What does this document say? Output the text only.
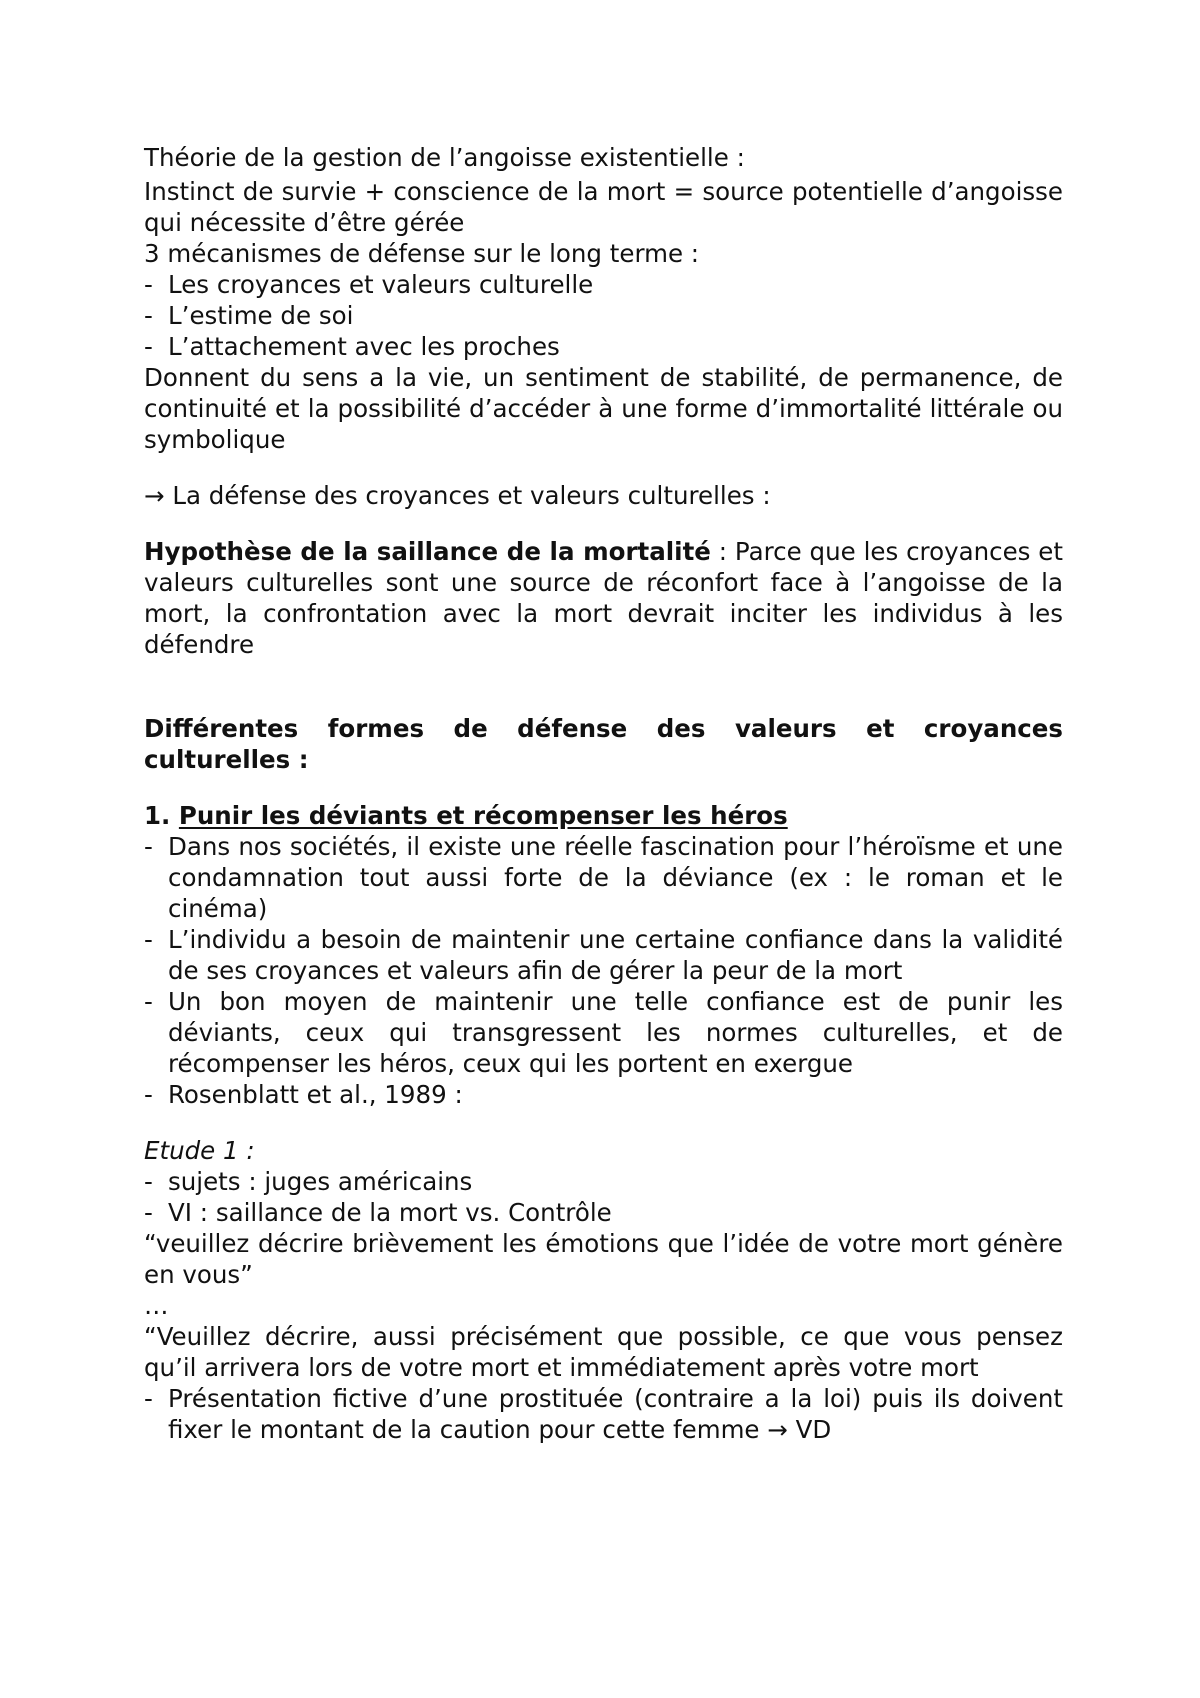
Théorie de la gestion de l’angoisse existentielle :

Instinct de survie + conscience de la mort = source potentielle d’angoisse qui nécessite d’être gérée

3 mécanismes de défense sur le long terme :

- Les croyances et valeurs culturelle
- L’estime de soi
- L’attachement avec les proches

Donnent du sens a la vie, un sentiment de stabilité, de permanence, de continuité et la possibilité d’accéder à une forme d’immortalité littérale ou symbolique

→ La défense des croyances et valeurs culturelles :

Hypothèse de la saillance de la mortalité : Parce que les croyances et valeurs culturelles sont une source de réconfort face à l’angoisse de la mort, la confrontation avec la mort devrait inciter les individus à les défendre

Différentes formes de défense des valeurs et croyances culturelles :

1. Punir les déviants et récompenser les héros

- Dans nos sociétés, il existe une réelle fascination pour l’héroïsme et une condamnation tout aussi forte de la déviance (ex : le roman et le cinéma)
- L’individu a besoin de maintenir une certaine confiance dans la validité de ses croyances et valeurs afin de gérer la peur de la mort
- Un bon moyen de maintenir une telle confiance est de punir les déviants, ceux qui transgressent les normes culturelles, et de récompenser les héros, ceux qui les portent en exergue
- Rosenblatt et al., 1989 :

Etude 1 :

- sujets : juges américains
- VI : saillance de la mort vs. Contrôle

“veuillez décrire brièvement les émotions que l’idée de votre mort génère en vous”

…

“Veuillez décrire, aussi précisément que possible, ce que vous pensez qu’il arrivera lors de votre mort et immédiatement après votre mort

- Présentation fictive d’une prostituée (contraire a la loi) puis ils doivent fixer le montant de la caution pour cette femme → VD
